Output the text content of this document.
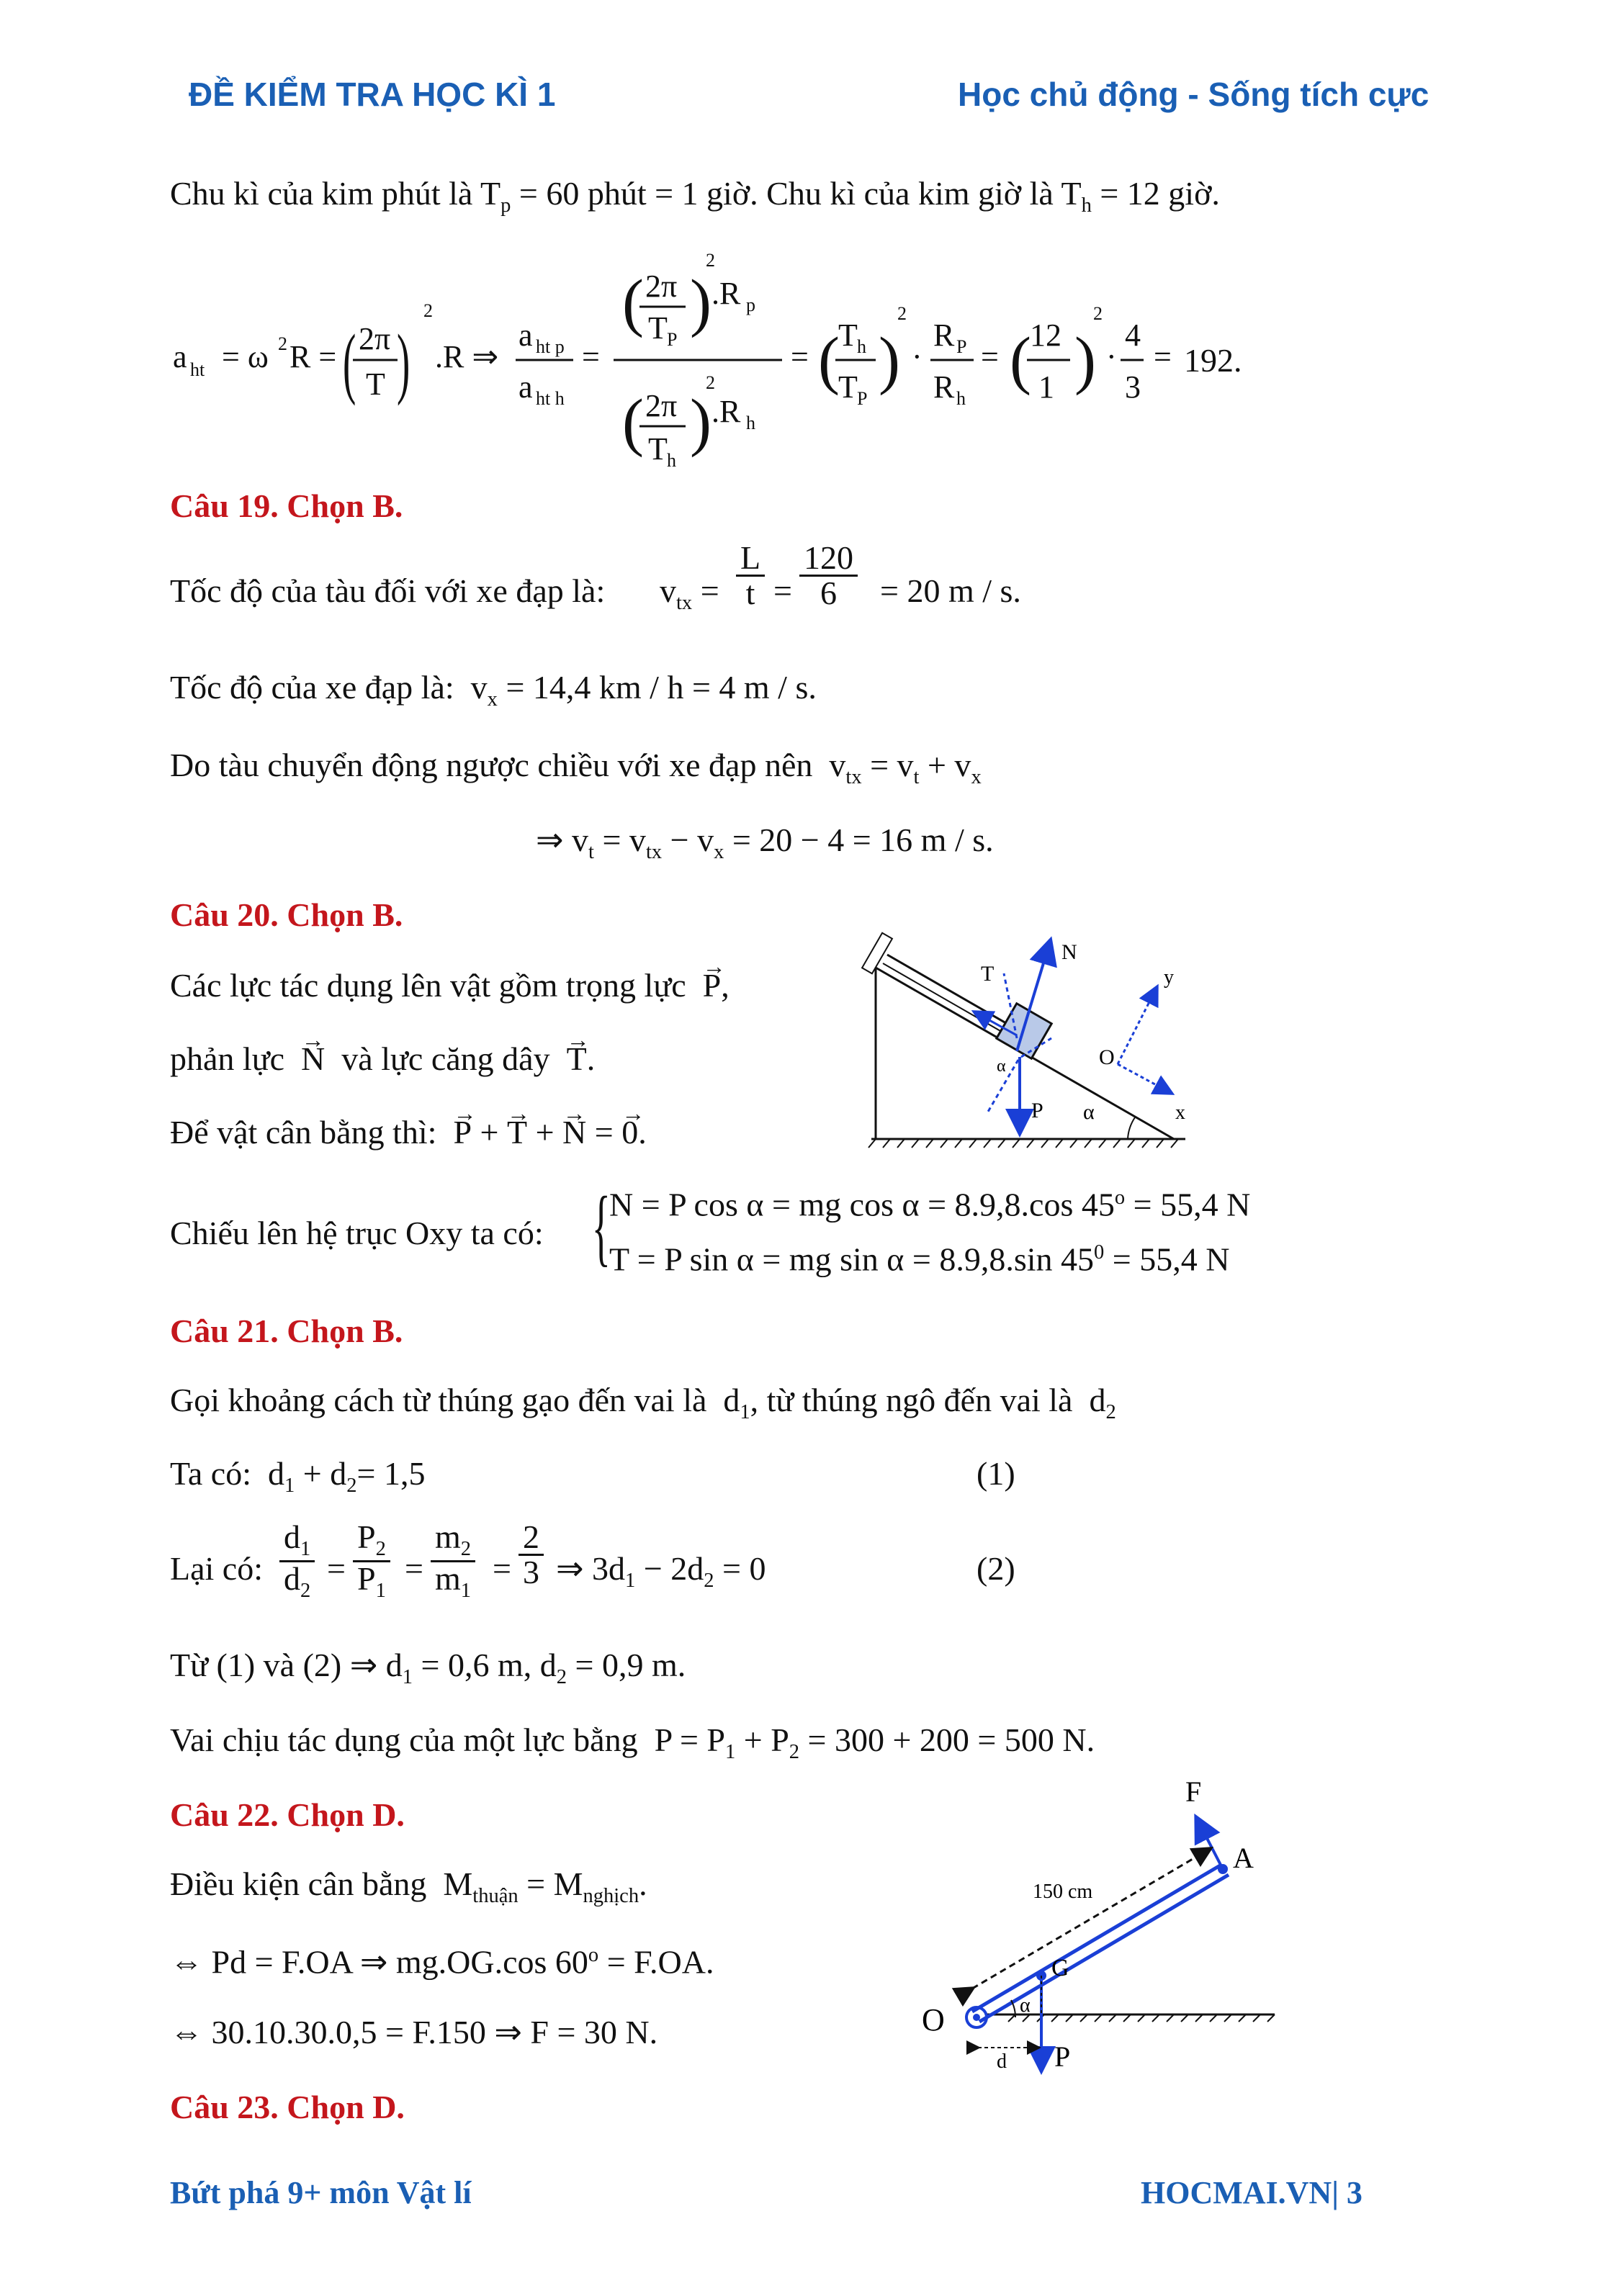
ĐỀ KIỂM TRA HỌC KÌ 1	Học chủ động - Sống tích cực
Chu kì của kim phút là $T_p = 60$ phút = 1 giờ. Chu kì của kim giờ là $T_h = 12$ giờ.
a ht = ω 2 R = ( 2π
T )
2
.R ⇒
a ht p
a ht h
=
2π
T P
( )
2
.R p
2π
T h
( )
2
.R h
= (
T h
T P
)
2
·
R P
R h
= (
12
1 )
2
·
4
3
= 192.
Câu 19. Chọn B.
Tốc độ của tàu đối với xe đạp là: $v_{tx} = \frac{L}{t} = \frac{120}{6} = 20$ m / s.
Tốc độ của xe đạp là:  $v_x = 14,4$ km / h = 4 m / s.
Do tàu chuyển động ngược chiều với xe đạp nên  $v_{tx} = v_t + v_x$
⇒ $v_t = v_{tx} - v_x = 20 - 4 = 16$ m / s.
Câu 20. Chọn B.
Các lực tác dụng lên vật gồm trọng lực → P,
phản lực → N và lực căng dây → T.
Để vật cân bằng thì: → P + → T + → N = → 0.
Chiếu lên hệ trục Oxy ta có: {
N = P cos α = mg cos α = 8.9,8.cos $45^o = 55,4$ N
T = P sin α = mg sin α = 8.9,8.sin $45^0 = 55,4$ N
N
T
P
α
α
O
x
y
Câu 21. Chọn B.
Gọi khoảng cách từ thúng gạo đến vai là  $d_1$, từ thúng ngô đến vai là  $d_2$
Ta có:  $d_1 + d_2= 1,5$	(1)
Lại có: $\frac{d_1}{d_2} = \frac{P_2}{P_1} = \frac{m_2}{m_1} = \frac{2}{3}$ ⇒ $3d_1 - 2d_2 = 0$	(2)
Từ (1) và (2) ⇒ $d_1 = 0,6$ m, $d_2 = 0,9$ m.
Vai chịu tác dụng của một lực bằng  $P = P_1 + P_2 = 300 + 200 = 500$ N.
Câu 22. Chọn D.
Điều kiện cân bằng  $M_{thuận} = M_{nghịch}$.
⇔ Pd = F.OA ⇒ mg.OG.cos $60^o = F.OA$.
⇔ 30.10.30.0,5 = F.150 ⇒ F = 30 N.
F
A
150 cm
O
G
α
d P
Câu 23. Chọn D.
Bứt phá 9+ môn Vật lí	HOCMAI.VN| 3
